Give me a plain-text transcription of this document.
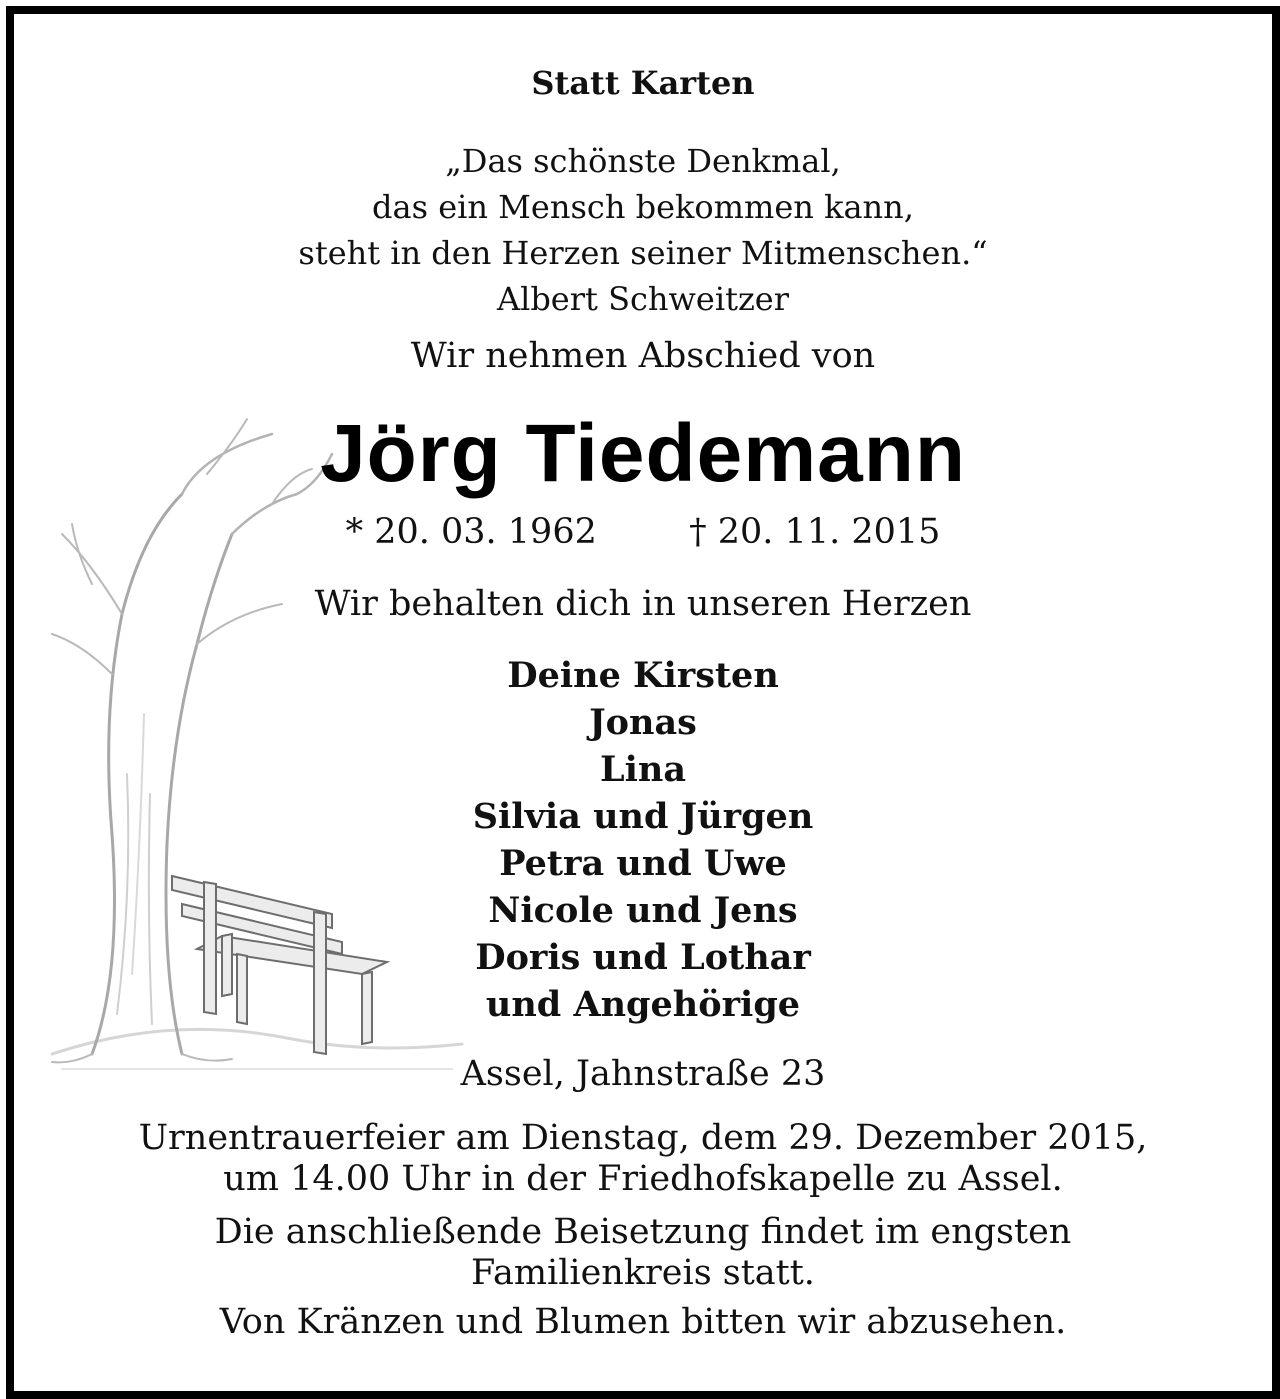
Statt Karten
„Das schönste Denkmal,
das ein Mensch bekommen kann,
steht in den Herzen seiner Mitmenschen.“
Albert Schweitzer
Wir nehmen Abschied von
Jörg Tiedemann
* 20. 03. 1962	† 20. 11. 2015
Wir behalten dich in unseren Herzen
Deine Kirsten
Jonas
Lina
Silvia und Jürgen
Petra und Uwe
Nicole und Jens
Doris und Lothar
und Angehörige
Assel, Jahnstraße 23
Urnentrauerfeier am Dienstag, dem 29. Dezember 2015,
um 14.00 Uhr in der Friedhofskapelle zu Assel.
Die anschließende Beisetzung findet im engsten
Familienkreis statt.
Von Kränzen und Blumen bitten wir abzusehen.
